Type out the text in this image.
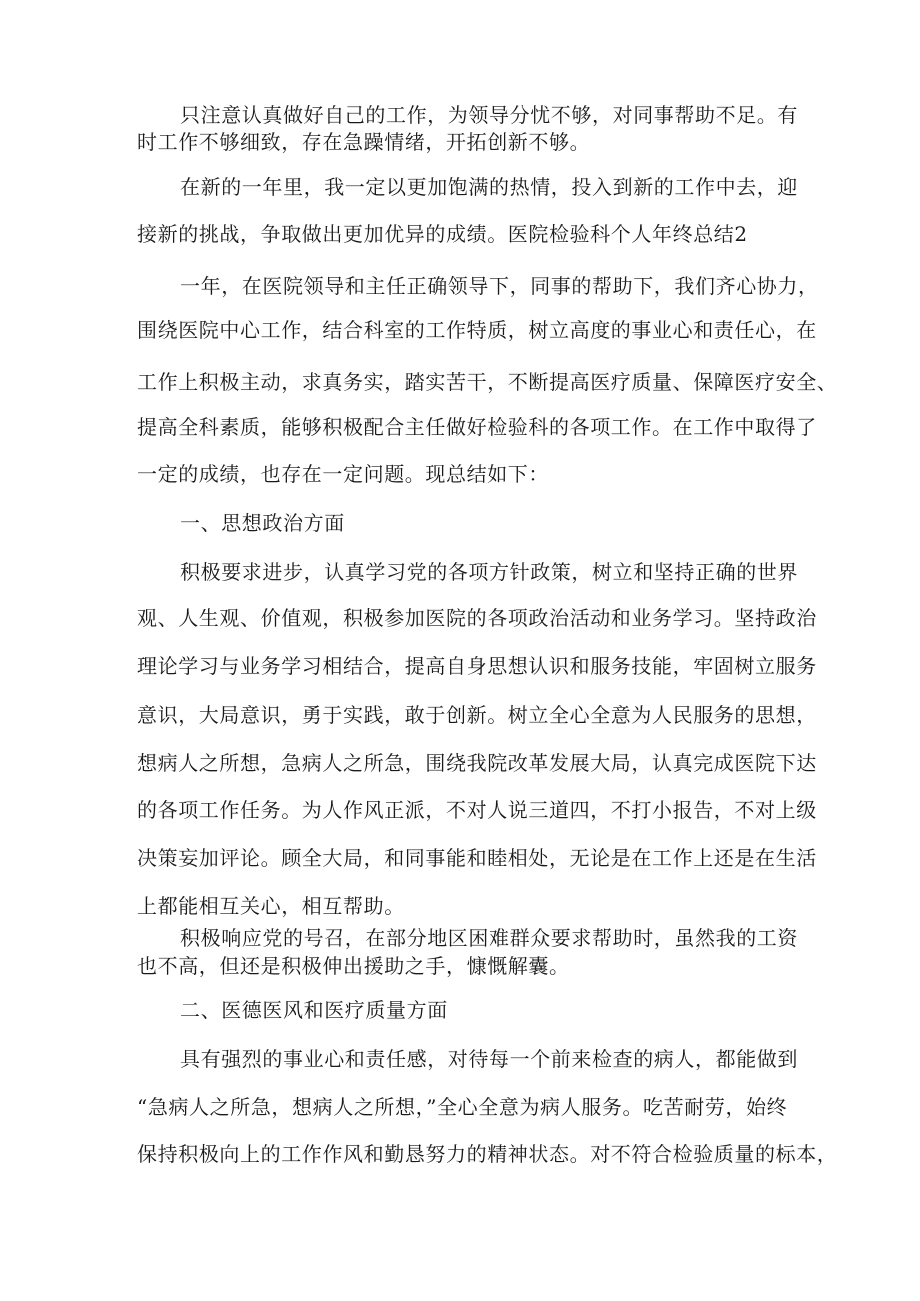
只注意认真做好自己的工作，为领导分忧不够，对同事帮助不足。有
时工作不够细致，存在急躁情绪，开拓创新不够。
在新的一年里，我一定以更加饱满的热情，投入到新的工作中去，迎
接新的挑战，争取做出更加优异的成绩。医院检验科个人年终总结2
一年，在医院领导和主任正确领导下，同事的帮助下，我们齐心协力，
围绕医院中心工作，结合科室的工作特质，树立高度的事业心和责任心，在
工作上积极主动，求真务实，踏实苦干，不断提高医疗质量、保障医疗安全、
提高全科素质，能够积极配合主任做好检验科的各项工作。在工作中取得了
一定的成绩，也存在一定问题。现总结如下：
一、思想政治方面
积极要求进步，认真学习党的各项方针政策，树立和坚持正确的世界
观、人生观、价值观，积极参加医院的各项政治活动和业务学习。坚持政治
理论学习与业务学习相结合，提高自身思想认识和服务技能，牢固树立服务
意识，大局意识，勇于实践，敢于创新。树立全心全意为人民服务的思想，
想病人之所想，急病人之所急，围绕我院改革发展大局，认真完成医院下达
的各项工作任务。为人作风正派，不对人说三道四，不打小报告，不对上级
决策妄加评论。顾全大局，和同事能和睦相处，无论是在工作上还是在生活
上都能相互关心，相互帮助。
积极响应党的号召，在部分地区困难群众要求帮助时，虽然我的工资
也不高，但还是积极伸出援助之手，慷慨解囊。
二、医德医风和医疗质量方面
具有强烈的事业心和责任感，对待每一个前来检查的病人，都能做到
“急病人之所急，想病人之所想，”全心全意为病人服务。吃苦耐劳，始终
保持积极向上的工作作风和勤恳努力的精神状态。对不符合检验质量的标本，
